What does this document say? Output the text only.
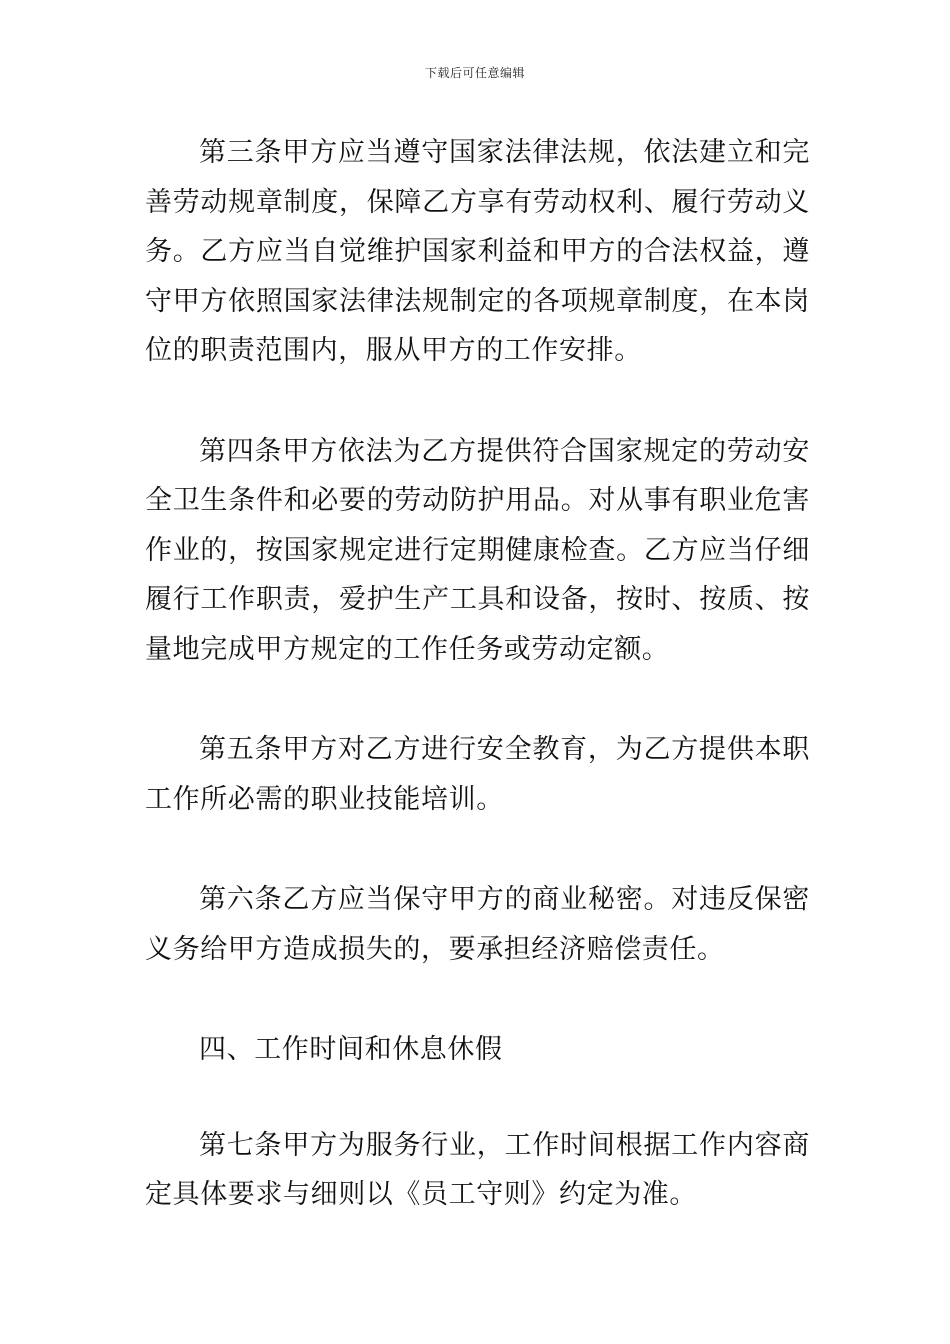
下载后可任意编辑

第三条甲方应当遵守国家法律法规，依法建立和完善劳动规章制度，保障乙方享有劳动权利、履行劳动义务。乙方应当自觉维护国家利益和甲方的合法权益，遵守甲方依照国家法律法规制定的各项规章制度，在本岗位的职责范围内，服从甲方的工作安排。

第四条甲方依法为乙方提供符合国家规定的劳动安全卫生条件和必要的劳动防护用品。对从事有职业危害作业的，按国家规定进行定期健康检查。乙方应当仔细履行工作职责，爱护生产工具和设备，按时、按质、按量地完成甲方规定的工作任务或劳动定额。

第五条甲方对乙方进行安全教育，为乙方提供本职工作所必需的职业技能培训。

第六条乙方应当保守甲方的商业秘密。对违反保密义务给甲方造成损失的，要承担经济赔偿责任。

四、工作时间和休息休假

第七条甲方为服务行业，工作时间根据工作内容商定具体要求与细则以《员工守则》约定为准。
